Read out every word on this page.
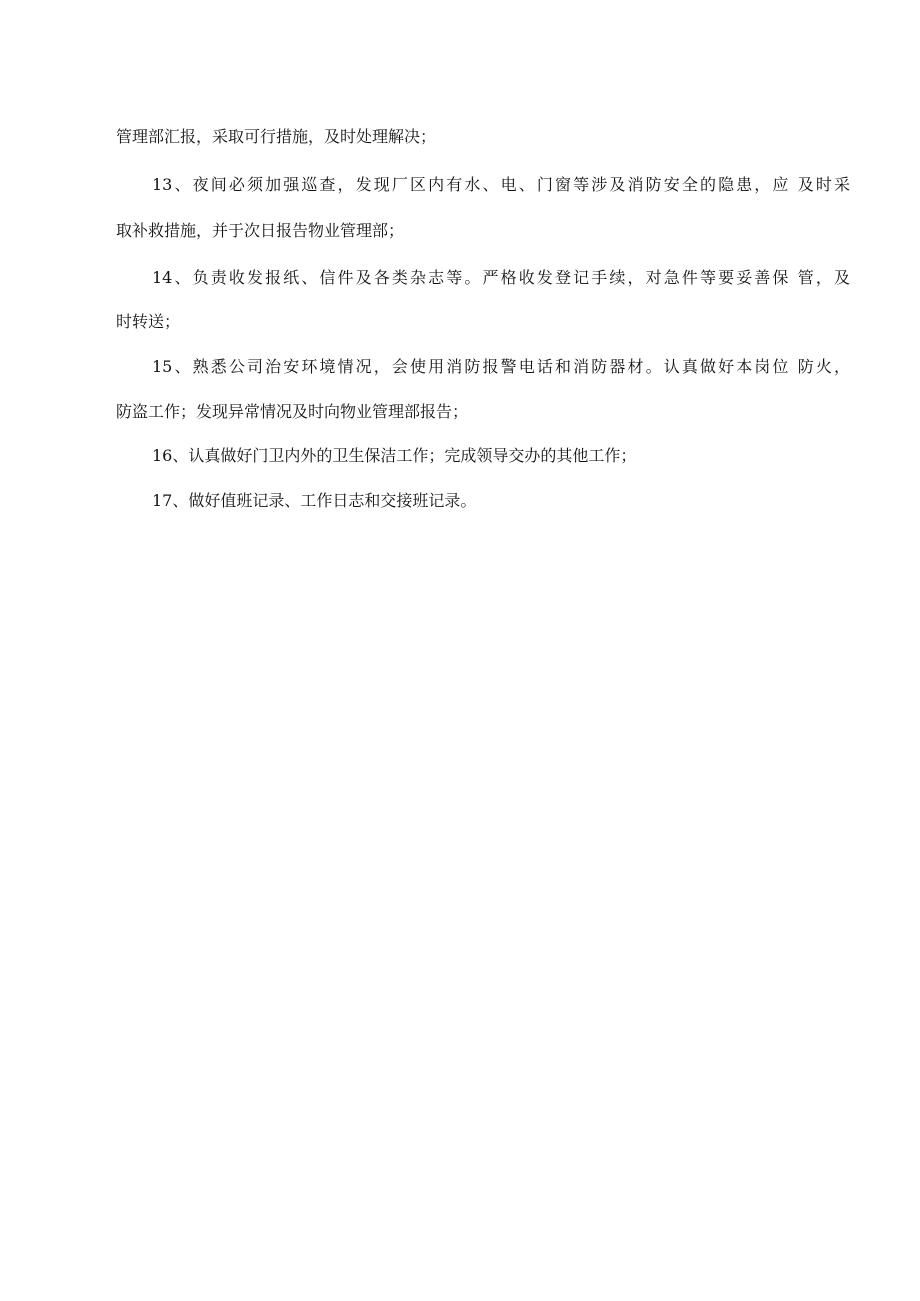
管理部汇报，采取可行措施，及时处理解决；
13、夜间必须加强巡查，发现厂区内有水、电、门窗等涉及消防安全的隐患，应 及时采
取补救措施，并于次日报告物业管理部；
14、负责收发报纸、信件及各类杂志等。严格收发登记手续，对急件等要妥善保 管，及
时转送；
15、熟悉公司治安环境情况，会使用消防报警电话和消防器材。认真做好本岗位 防火，
防盗工作；发现异常情况及时向物业管理部报告；
16、认真做好门卫内外的卫生保洁工作；完成领导交办的其他工作；
17、做好值班记录、工作日志和交接班记录。
